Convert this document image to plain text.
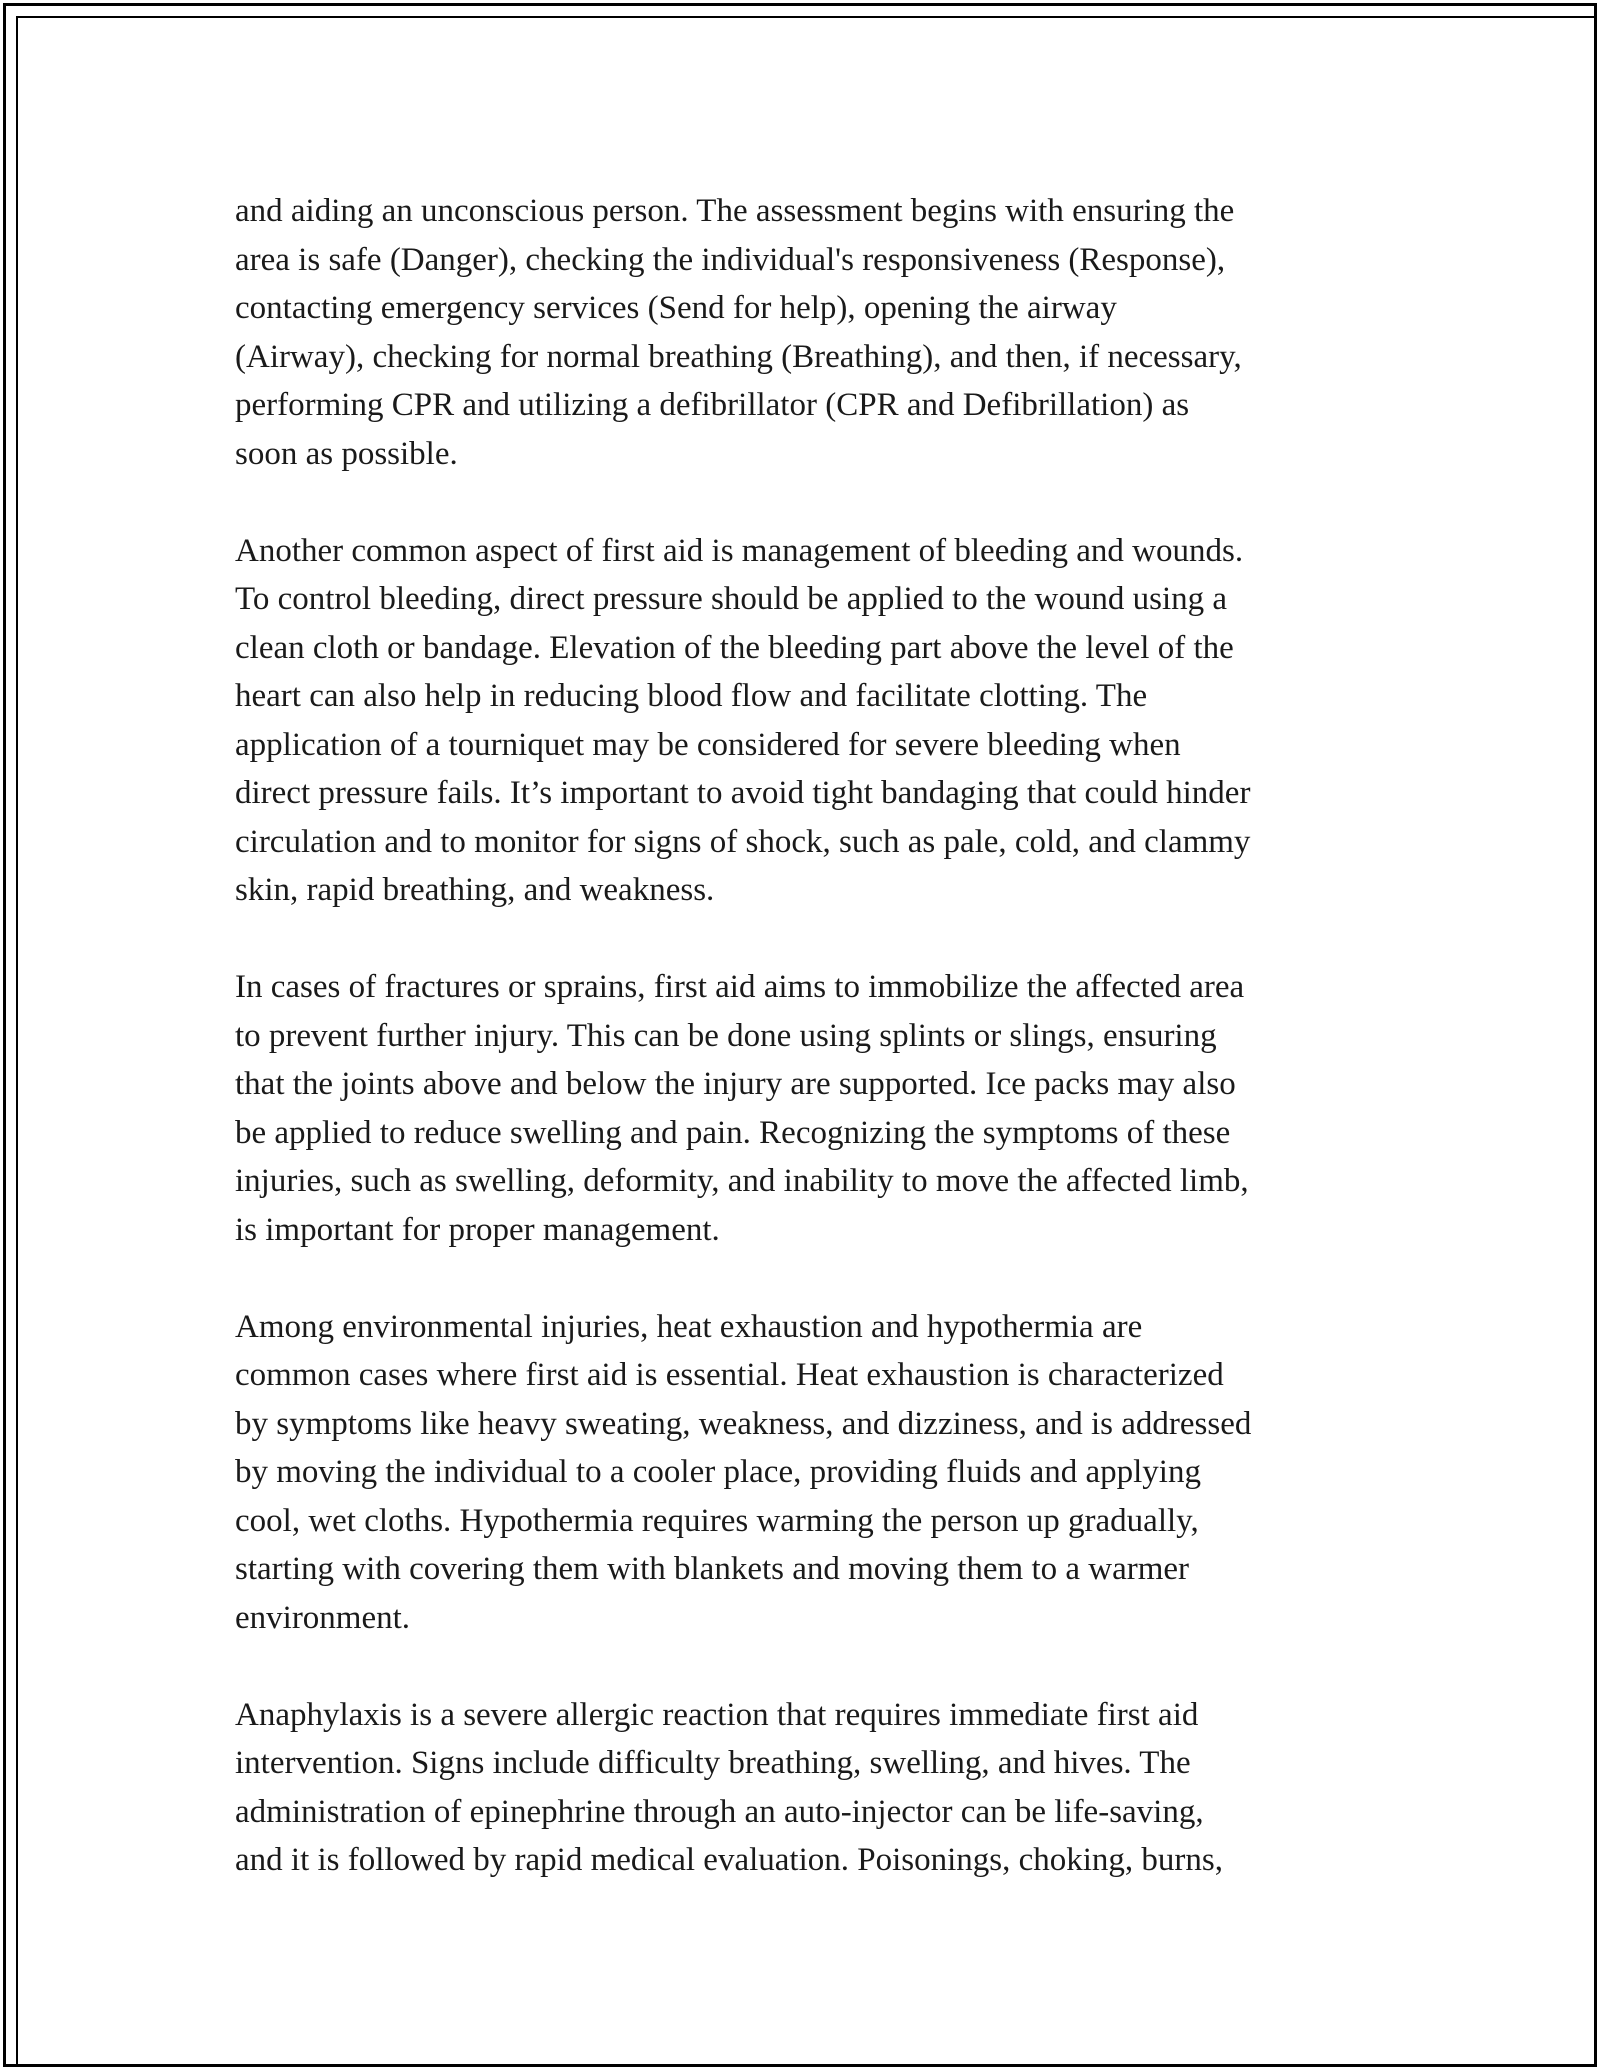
and aiding an unconscious person. The assessment begins with ensuring the
area is safe (Danger), checking the individual's responsiveness (Response),
contacting emergency services (Send for help), opening the airway
(Airway), checking for normal breathing (Breathing), and then, if necessary,
performing CPR and utilizing a defibrillator (CPR and Defibrillation) as
soon as possible.

Another common aspect of first aid is management of bleeding and wounds.
To control bleeding, direct pressure should be applied to the wound using a
clean cloth or bandage. Elevation of the bleeding part above the level of the
heart can also help in reducing blood flow and facilitate clotting. The
application of a tourniquet may be considered for severe bleeding when
direct pressure fails. It’s important to avoid tight bandaging that could hinder
circulation and to monitor for signs of shock, such as pale, cold, and clammy
skin, rapid breathing, and weakness.

In cases of fractures or sprains, first aid aims to immobilize the affected area
to prevent further injury. This can be done using splints or slings, ensuring
that the joints above and below the injury are supported. Ice packs may also
be applied to reduce swelling and pain. Recognizing the symptoms of these
injuries, such as swelling, deformity, and inability to move the affected limb,
is important for proper management.

Among environmental injuries, heat exhaustion and hypothermia are
common cases where first aid is essential. Heat exhaustion is characterized
by symptoms like heavy sweating, weakness, and dizziness, and is addressed
by moving the individual to a cooler place, providing fluids and applying
cool, wet cloths. Hypothermia requires warming the person up gradually,
starting with covering them with blankets and moving them to a warmer
environment.

Anaphylaxis is a severe allergic reaction that requires immediate first aid
intervention. Signs include difficulty breathing, swelling, and hives. The
administration of epinephrine through an auto-injector can be life-saving,
and it is followed by rapid medical evaluation. Poisonings, choking, burns,
